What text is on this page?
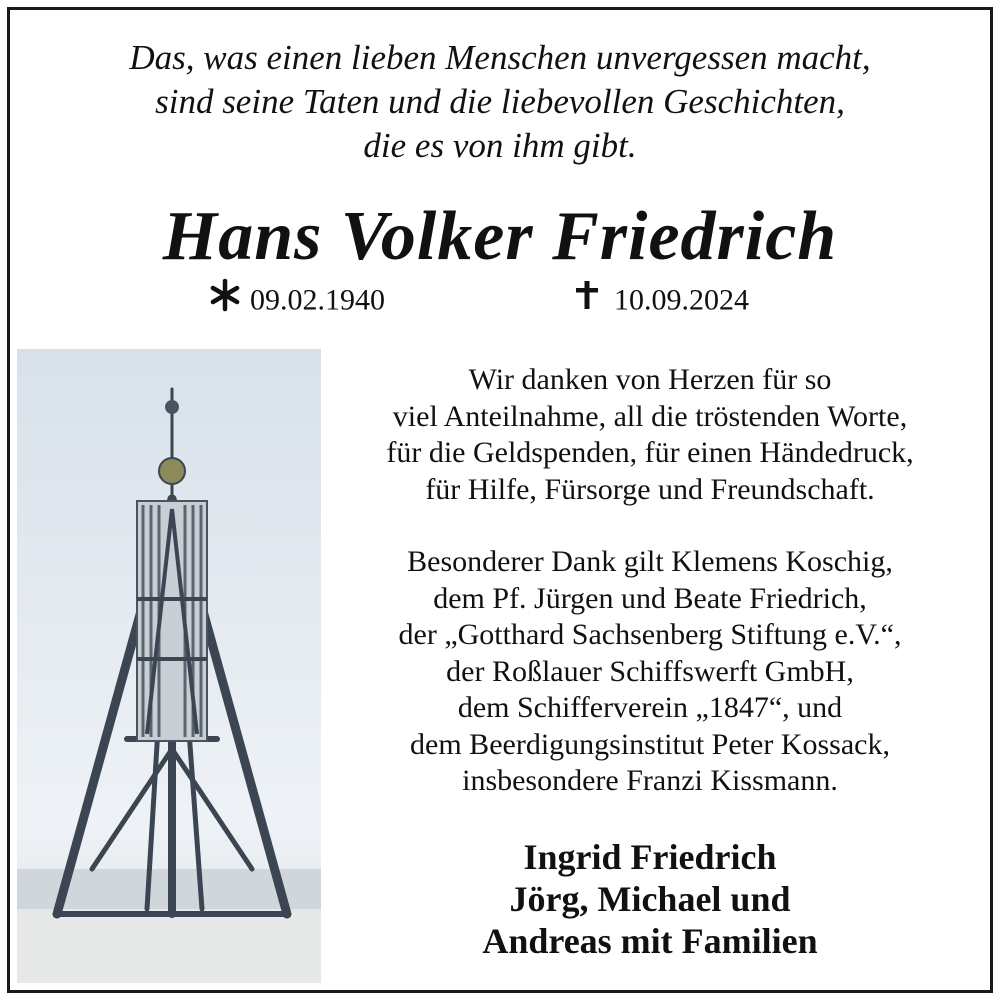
Das, was einen lieben Menschen unvergessen macht,
sind seine Taten und die liebevollen Geschichten,
die es von ihm gibt.
Hans Volker Friedrich
09.02.1940	10.09.2024
Wir danken von Herzen für so
viel Anteilnahme, all die tröstenden Worte,
für die Geldspenden, für einen Händedruck,
für Hilfe, Fürsorge und Freundschaft.
Besonderer Dank gilt Klemens Koschig,
dem Pf. Jürgen und Beate Friedrich,
der „Gotthard Sachsenberg Stiftung e.V.“,
der Roßlauer Schiffswerft GmbH,
dem Schifferverein „1847“, und
dem Beerdigungsinstitut Peter Kossack,
insbesondere Franzi Kissmann.
Ingrid Friedrich
Jörg, Michael und
Andreas mit Familien
